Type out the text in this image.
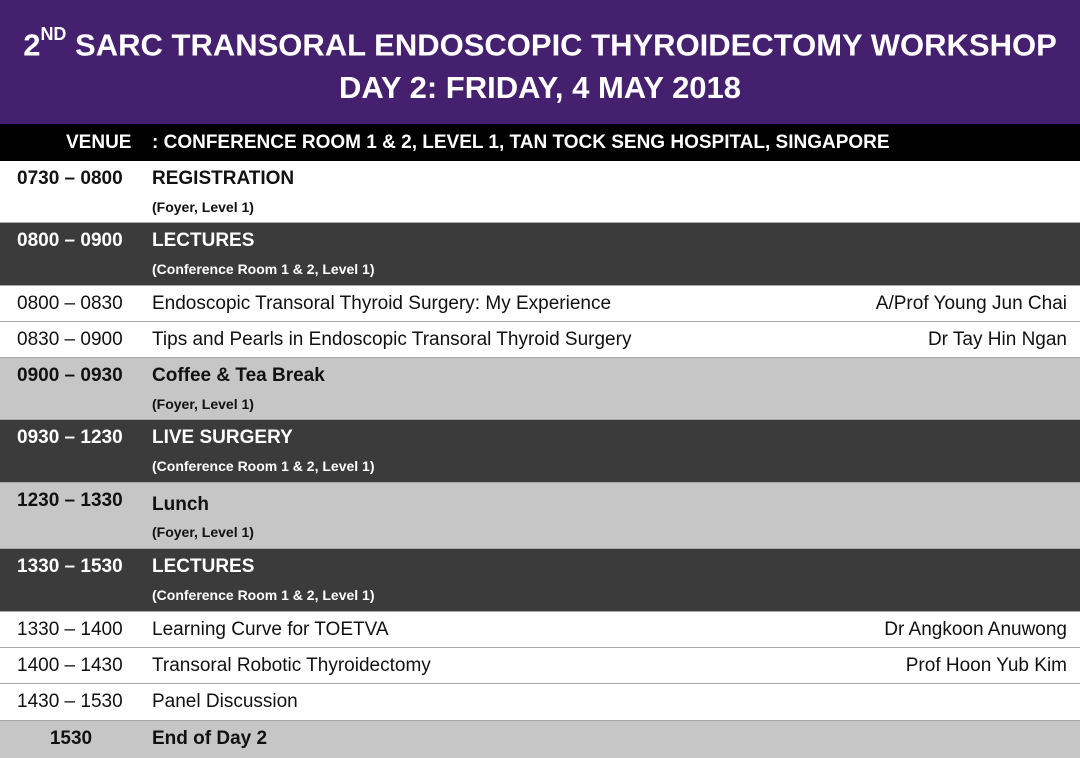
2ND SARC TRANSORAL ENDOSCOPIC THYROIDECTOMY WORKSHOP
DAY 2: FRIDAY, 4 MAY 2018
VENUE : CONFERENCE ROOM 1 & 2, LEVEL 1, TAN TOCK SENG HOSPITAL, SINGAPORE
0730 – 0800 REGISTRATION
(Foyer, Level 1)
0800 – 0900 LECTURES
(Conference Room 1 & 2, Level 1)
0800 – 0830 Endoscopic Transoral Thyroid Surgery: My Experience	A/Prof Young Jun Chai
0830 – 0900 Tips and Pearls in Endoscopic Transoral Thyroid Surgery	Dr Tay Hin Ngan
0900 – 0930 Coffee & Tea Break
(Foyer, Level 1)
0930 – 1230 LIVE SURGERY
(Conference Room 1 & 2, Level 1)
1230 – 1330 Lunch
(Foyer, Level 1)
1330 – 1530 LECTURES
(Conference Room 1 & 2, Level 1)
1330 – 1400 Learning Curve for TOETVA	Dr Angkoon Anuwong
1400 – 1430 Transoral Robotic Thyroidectomy	Prof Hoon Yub Kim
1430 – 1530 Panel Discussion
1530	End of Day 2
